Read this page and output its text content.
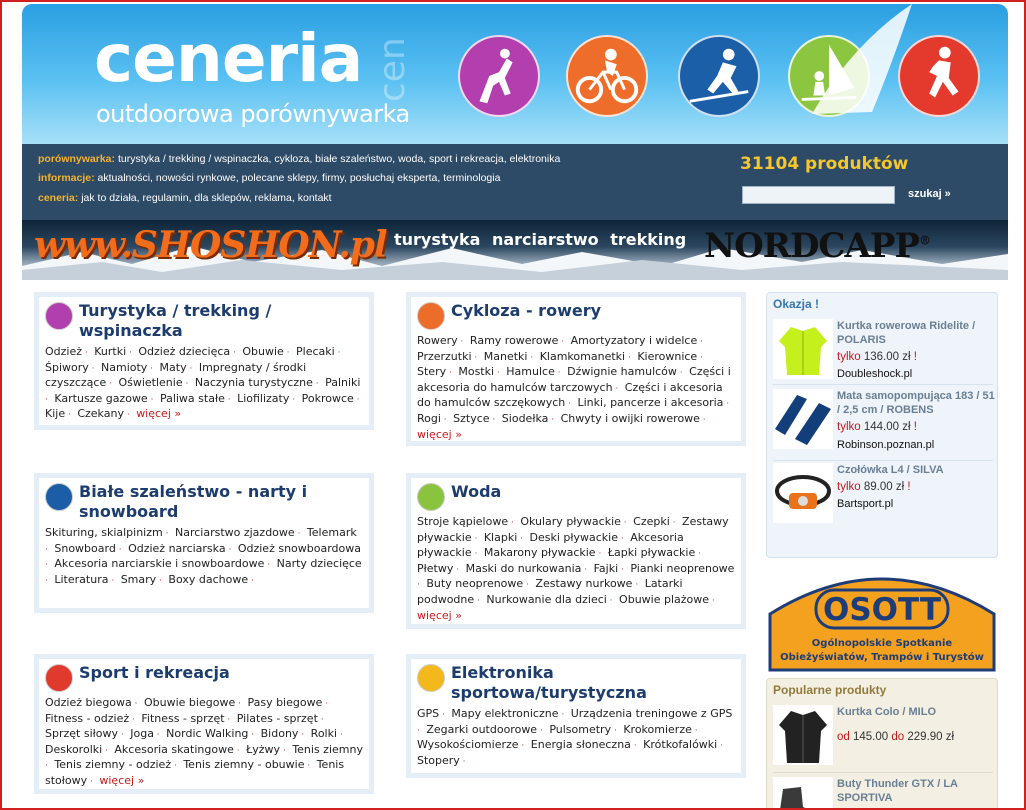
ceneria
outdoorowa porównywarka
cen
porównywarka: turystyka / trekking / wspinaczka, cykloza, białe szaleństwo, woda, sport i rekreacja, elektronika
informacje: aktualności, nowości rynkowe, polecane sklepy, firmy, posłuchaj eksperta, terminologia
ceneria: jak to działa, regulamin, dla sklepów, reklama, kontakt
31104 produktów
szukaj »
www.SHOSHON.pl turystyka narciarstwo trekking NORDCAPP®
Turystyka / trekking / wspinaczka
Odzież · Kurtki · Odzież dziecięca · Obuwie · Plecaki · Śpiwory · Namioty · Maty · Impregnaty / środki czyszczące · Oświetlenie · Naczynia turystyczne · Palniki · Kartusze gazowe · Paliwa stałe · Liofilizaty · Pokrowce · Kije · Czekany · więcej »
Cykloza - rowery
Rowery · Ramy rowerowe · Amortyzatory i widelce · Przerzutki · Manetki · Klamkomanetki · Kierownice · Stery · Mostki · Hamulce · Dźwignie hamulców · Części i akcesoria do hamulców tarczowych · Części i akcesoria do hamulców szczękowych · Linki, pancerze i akcesoria · Rogi · Sztyce · Siodełka · Chwyty i owijki rowerowe · więcej »
Białe szaleństwo - narty i snowboard
Skituring, skialpinizm · Narciarstwo zjazdowe · Telemark · Snowboard · Odzież narciarska · Odzież snowboardowa · Akcesoria narciarskie i snowboardowe · Narty dziecięce · Literatura · Smary · Boxy dachowe ·
Woda
Stroje kąpielowe · Okulary pływackie · Czepki · Zestawy pływackie · Klapki · Deski pływackie · Akcesoria pływackie · Makarony pływackie · Łapki pływackie · Płetwy · Maski do nurkowania · Fajki · Pianki neoprenowe · Buty neoprenowe · Zestawy nurkowe · Latarki podwodne · Nurkowanie dla dzieci · Obuwie plażowe · więcej »
Sport i rekreacja
Odzież biegowa · Obuwie biegowe · Pasy biegowe · Fitness - odzież · Fitness - sprzęt · Pilates - sprzęt · Sprzęt siłowy · Joga · Nordic Walking · Bidony · Rolki · Deskorolki · Akcesoria skatingowe · Łyżwy · Tenis ziemny · Tenis ziemny - odzież · Tenis ziemny - obuwie · Tenis stołowy · więcej »
Elektronika sportowa/turystyczna
GPS · Mapy elektroniczne · Urządzenia treningowe z GPS · Zegarki outdoorowe · Pulsometry · Krokomierze · Wysokościomierze · Energia słoneczna · Krótkofalówki · Stopery ·
Okazja !
Kurtka rowerowa Ridelite / POLARIS
tylko 136.00 zł !
Doubleshock.pl
Mata samopompująca 183 / 51 / 2,5 cm / ROBENS
tylko 144.00 zł !
Robinson.poznan.pl
Czołówka L4 / SILVA
tylko 89.00 zł !
Bartsport.pl
OSOTT
Ogólnopolskie Spotkanie
Obieżyświatów, Trampów i Turystów
Popularne produkty
Kurtka Colo / MILO
od 145.00 do 229.90 zł
Buty Thunder GTX / LA SPORTIVA
